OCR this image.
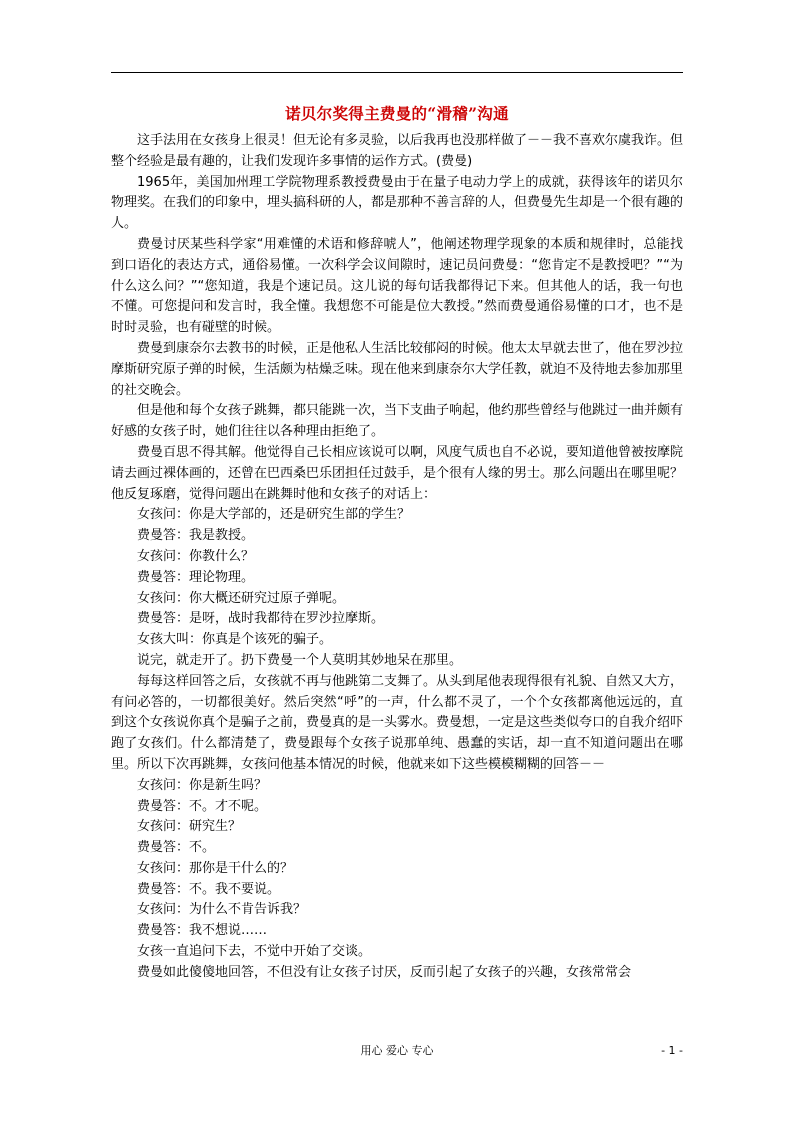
诺贝尔奖得主费曼的“滑稽”沟通

这手法用在女孩身上很灵！但无论有多灵验，以后我再也没那样做了－－我不喜欢尔虞我诈。但整个经验是最有趣的，让我们发现许多事情的运作方式。(费曼)

1965年，美国加州理工学院物理系教授费曼由于在量子电动力学上的成就，获得该年的诺贝尔物理奖。在我们的印象中，埋头搞科研的人，都是那种不善言辞的人，但费曼先生却是一个很有趣的人。

费曼讨厌某些科学家“用难懂的术语和修辞唬人”，他阐述物理学现象的本质和规律时，总能找到口语化的表达方式，通俗易懂。一次科学会议间隙时，速记员问费曼：“您肯定不是教授吧？”“为什么这么问？”“您知道，我是个速记员。这儿说的每句话我都得记下来。但其他人的话，我一句也不懂。可您提问和发言时，我全懂。我想您不可能是位大教授。”然而费曼通俗易懂的口才，也不是时时灵验，也有碰壁的时候。

费曼到康奈尔去教书的时候，正是他私人生活比较郁闷的时候。他太太早就去世了，他在罗沙拉摩斯研究原子弹的时候，生活颇为枯燥乏味。现在他来到康奈尔大学任教，就迫不及待地去参加那里的社交晚会。

但是他和每个女孩子跳舞，都只能跳一次，当下支曲子响起，他约那些曾经与他跳过一曲并颇有好感的女孩子时，她们往往以各种理由拒绝了。

费曼百思不得其解。他觉得自己长相应该说可以啊，风度气质也自不必说，要知道他曾被按摩院请去画过裸体画的，还曾在巴西桑巴乐团担任过鼓手，是个很有人缘的男士。那么问题出在哪里呢？他反复琢磨，觉得问题出在跳舞时他和女孩子的对话上：

女孩问：你是大学部的，还是研究生部的学生？

费曼答：我是教授。

女孩问：你教什么？

费曼答：理论物理。

女孩问：你大概还研究过原子弹呢。

费曼答：是呀，战时我都待在罗沙拉摩斯。

女孩大叫：你真是个该死的骗子。

说完，就走开了。扔下费曼一个人莫明其妙地呆在那里。

每每这样回答之后，女孩就不再与他跳第二支舞了。从头到尾他表现得很有礼貌、自然又大方，有问必答的，一切都很美好。然后突然“呼”的一声，什么都不灵了，一个个女孩都离他远远的，直到这个女孩说你真个是骗子之前，费曼真的是一头雾水。费曼想，一定是这些类似夸口的自我介绍吓跑了女孩们。什么都清楚了，费曼跟每个女孩子说那单纯、愚蠢的实话，却一直不知道问题出在哪里。所以下次再跳舞，女孩问他基本情况的时候，他就来如下这些模模糊糊的回答－－

女孩问：你是新生吗？

费曼答：不。才不呢。

女孩问：研究生？

费曼答：不。

女孩问：那你是干什么的？

费曼答：不。我不要说。

女孩问：为什么不肯告诉我？

费曼答：我不想说……

女孩一直追问下去，不觉中开始了交谈。

费曼如此傻傻地回答，不但没有让女孩子讨厌，反而引起了女孩子的兴趣，女孩常常会

用心 爱心 专心	- 1 -
